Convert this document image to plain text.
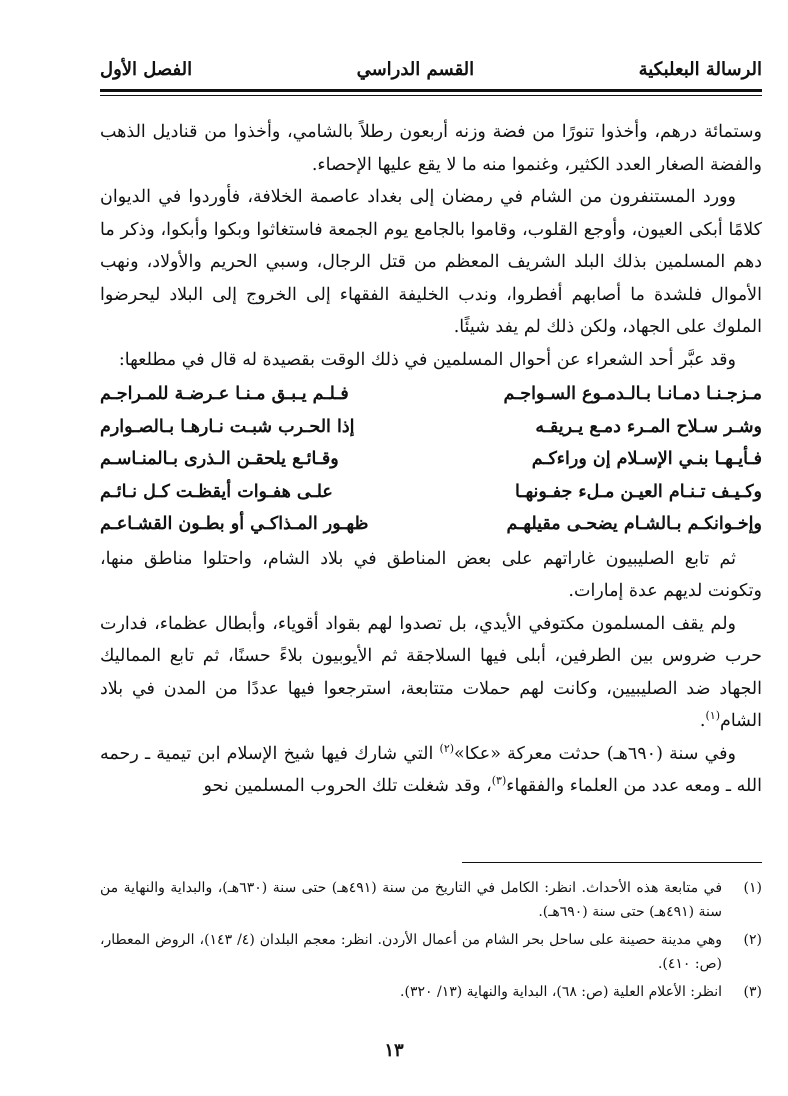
الرسالة البعلبكية
القسم الدراسي
الفصل الأول

وستمائة درهم، وأخذوا تنورًا من فضة وزنه أربعون رطلاً بالشامي، وأخذوا من قناديل الذهب والفضة الصغار العدد الكثير، وغنموا منه ما لا يقع عليها الإحصاء.

وورد المستنفرون من الشام في رمضان إلى بغداد عاصمة الخلافة، فأوردوا في الديوان كلامًا أبكى العيون، وأوجع القلوب، وقاموا بالجامع يوم الجمعة فاستغاثوا وبكوا وأبكوا، وذكر ما دهم المسلمين بذلك البلد الشريف المعظم من قتل الرجال، وسبي الحريم والأولاد، ونهب الأموال فلشدة ما أصابهم أفطروا، وندب الخليفة الفقهاء إلى الخروج إلى البلاد ليحرضوا الملوك على الجهاد، ولكن ذلك لم يفد شيئًا.

وقد عبَّر أحد الشعراء عن أحوال المسلمين في ذلك الوقت بقصيدة له قال في مطلعها:

مـزجـنـا دمـانـا بـالـدمـوع السـواجـم
فـلـم يـبـق مـنـا عـرضـة للمـراجـم
وشـر سـلاح المـرء دمـع يـريقـه
إذا الحـرب شبـت نـارهـا بـالصـوارم
فـأيـهـا بنـي الإسـلام إن وراءكـم
وقـائـع يلحقـن الـذرى بـالمنـاسـم
وكـيـف تـنـام العيـن مـلء جفـونهـا
علـى هفـوات أيقظـت كـل نـائـم
وإخـوانكـم بـالشـام يضحـى مقيلهـم
ظهـور المـذاكـي أو بطـون القشـاعـم

ثم تابع الصليبيون غاراتهم على بعض المناطق في بلاد الشام، واحتلوا مناطق منها، وتكونت لديهم عدة إمارات.

ولم يقف المسلمون مكتوفي الأيدي، بل تصدوا لهم بقواد أقوياء، وأبطال عظماء، فدارت حرب ضروس بين الطرفين، أبلى فيها السلاجقة ثم الأيوبيون بلاءً حسنًا، ثم تابع المماليك الجهاد ضد الصليبيين، وكانت لهم حملات متتابعة، استرجعوا فيها عددًا من المدن في بلاد الشام$^{(١)}$.

وفي سنة (٦٩٠هـ) حدثت معركة «عكا»$^{(٢)}$ التي شارك فيها شيخ الإسلام ابن تيمية ـ رحمه الله ـ ومعه عدد من العلماء والفقهاء$^{(٣)}$، وقد شغلت تلك الحروب المسلمين نحو

(١)
في متابعة هذه الأحداث. انظر: الكامل في التاريخ من سنة (٤٩١هـ) حتى سنة (٦٣٠هـ)، والبداية والنهاية من سنة (٤٩١هـ) حتى سنة (٦٩٠هـ).
(٢)
وهي مدينة حصينة على ساحل بحر الشام من أعمال الأردن. انظر: معجم البلدان (٤/ ١٤٣)، الروض المعطار، (ص: ٤١٠).
(٣)
انظر: الأعلام العلية (ص: ٦٨)، البداية والنهاية (١٣/ ٣٢٠).
١٣
